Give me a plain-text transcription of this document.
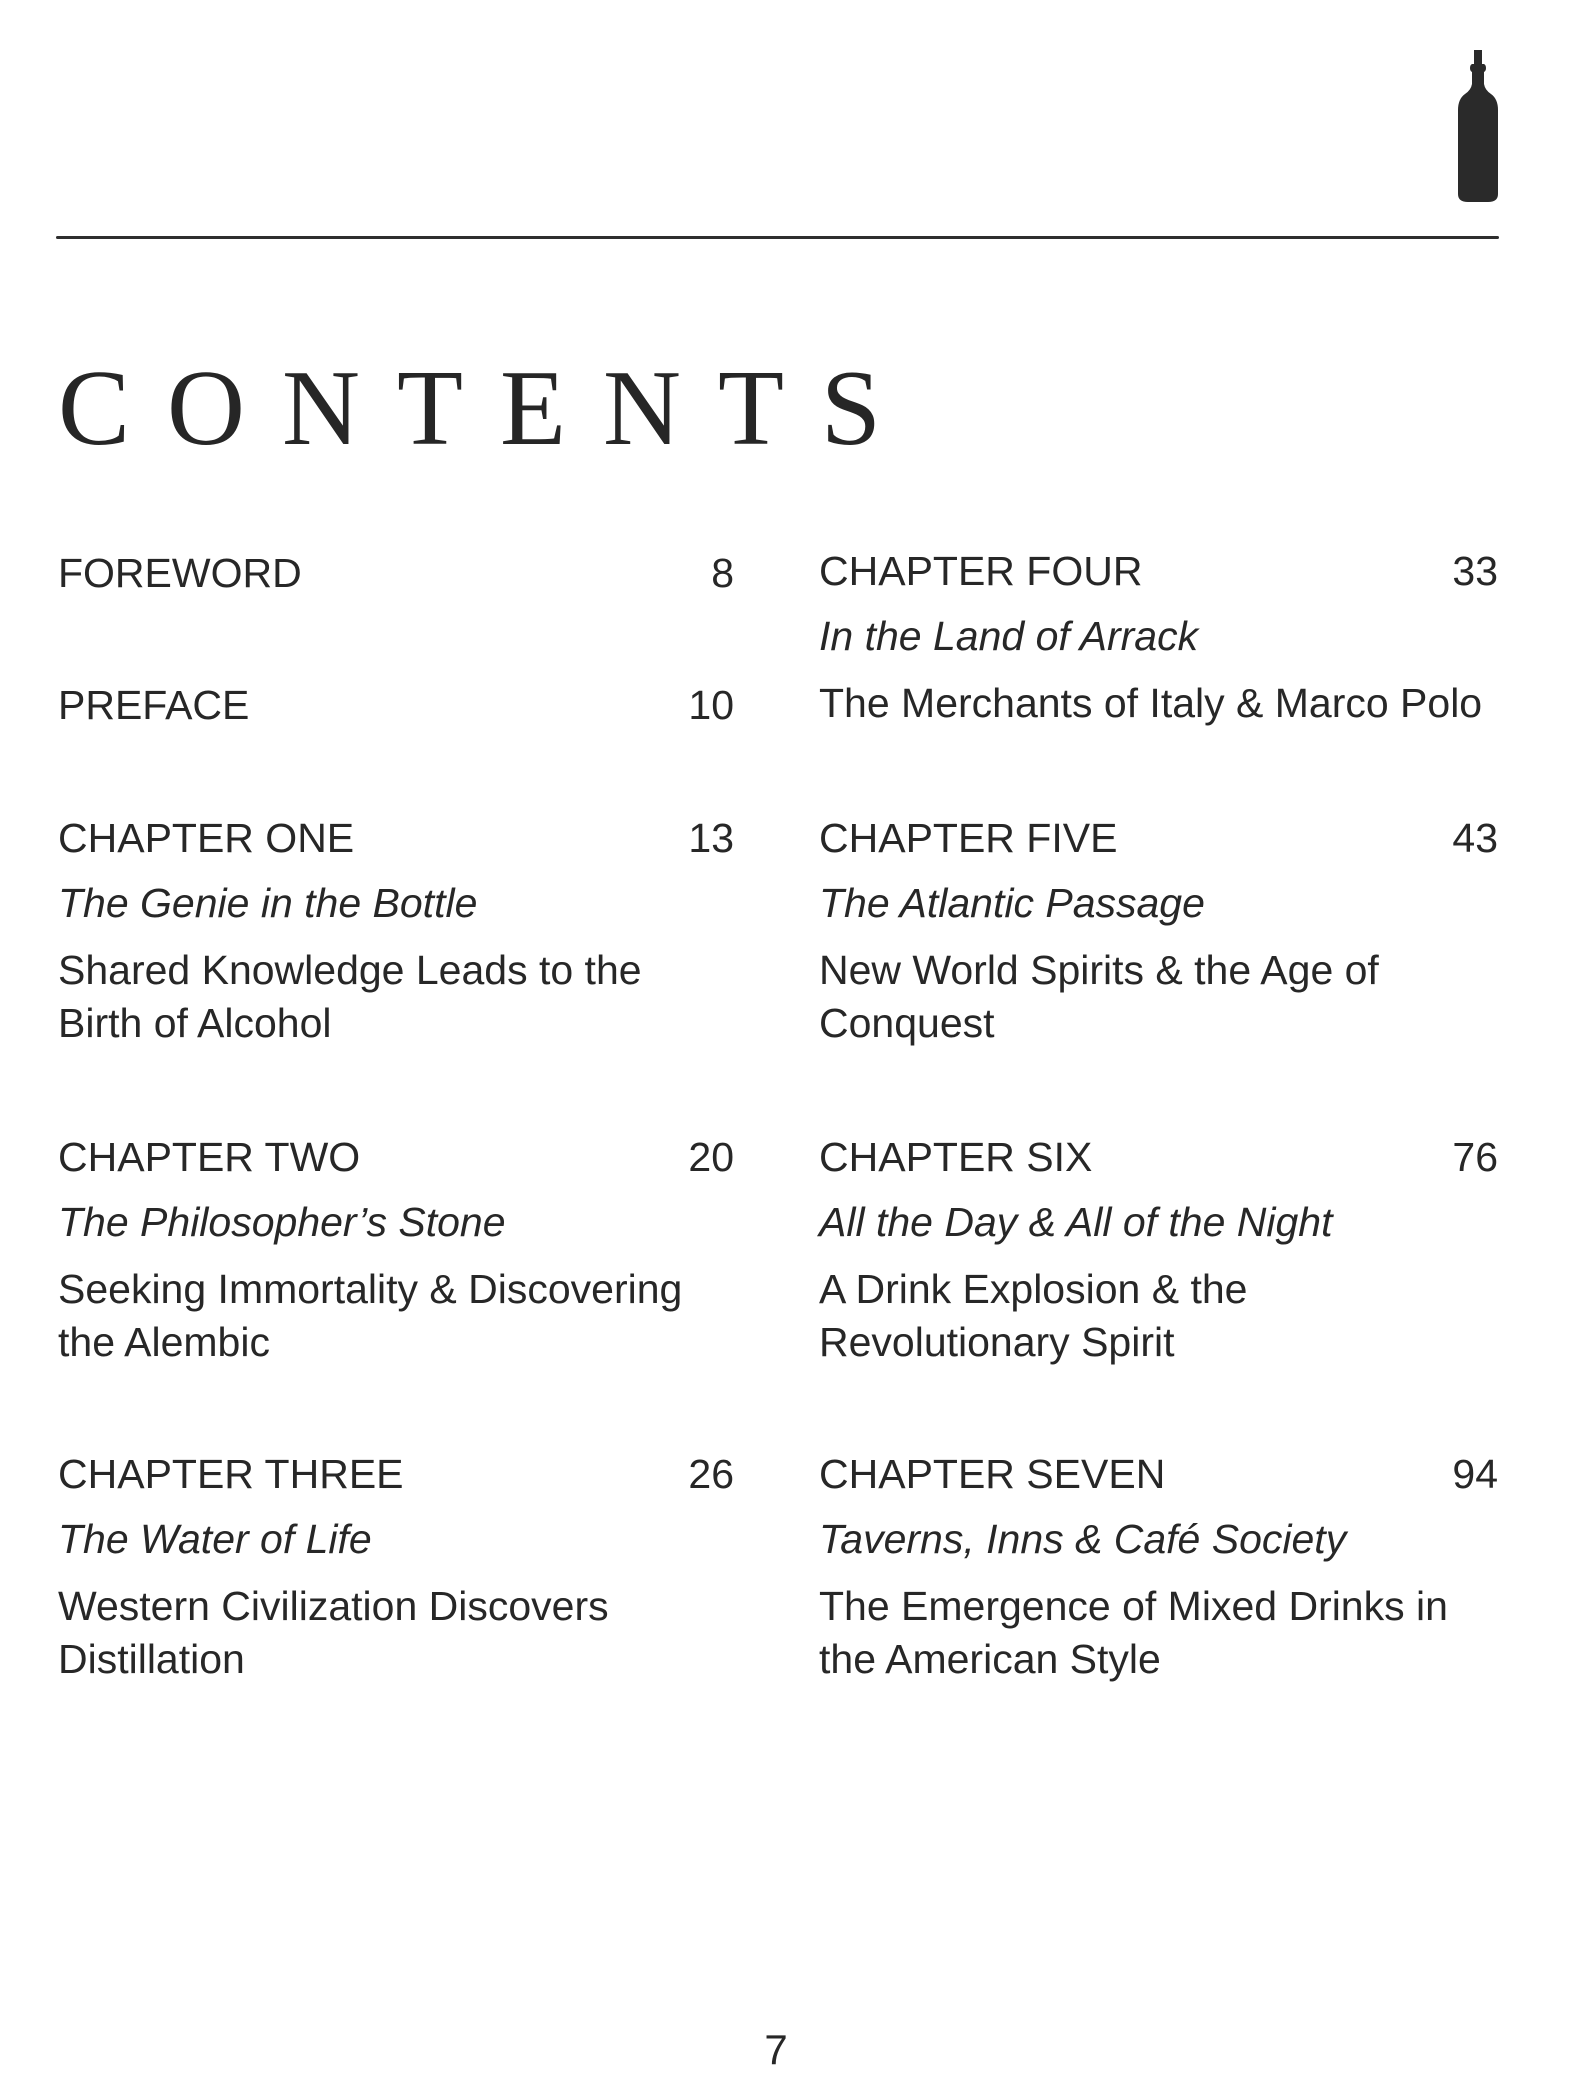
CONTENTS
FOREWORD	8
PREFACE	10
CHAPTER ONE	13
The Genie in the Bottle
Shared Knowledge Leads to the
Birth of Alcohol
CHAPTER TWO	20
The Philosopher’s Stone
Seeking Immortality & Discovering
the Alembic
CHAPTER THREE	26
The Water of Life
Western Civilization Discovers
Distillation
CHAPTER FOUR	33
In the Land of Arrack
The Merchants of Italy & Marco Polo
CHAPTER FIVE	43
The Atlantic Passage
New World Spirits & the Age of
Conquest
CHAPTER SIX	76
All the Day & All of the Night
A Drink Explosion & the
Revolutionary Spirit
CHAPTER SEVEN	94
Taverns, Inns & Café Society
The Emergence of Mixed Drinks in
the American Style
7
